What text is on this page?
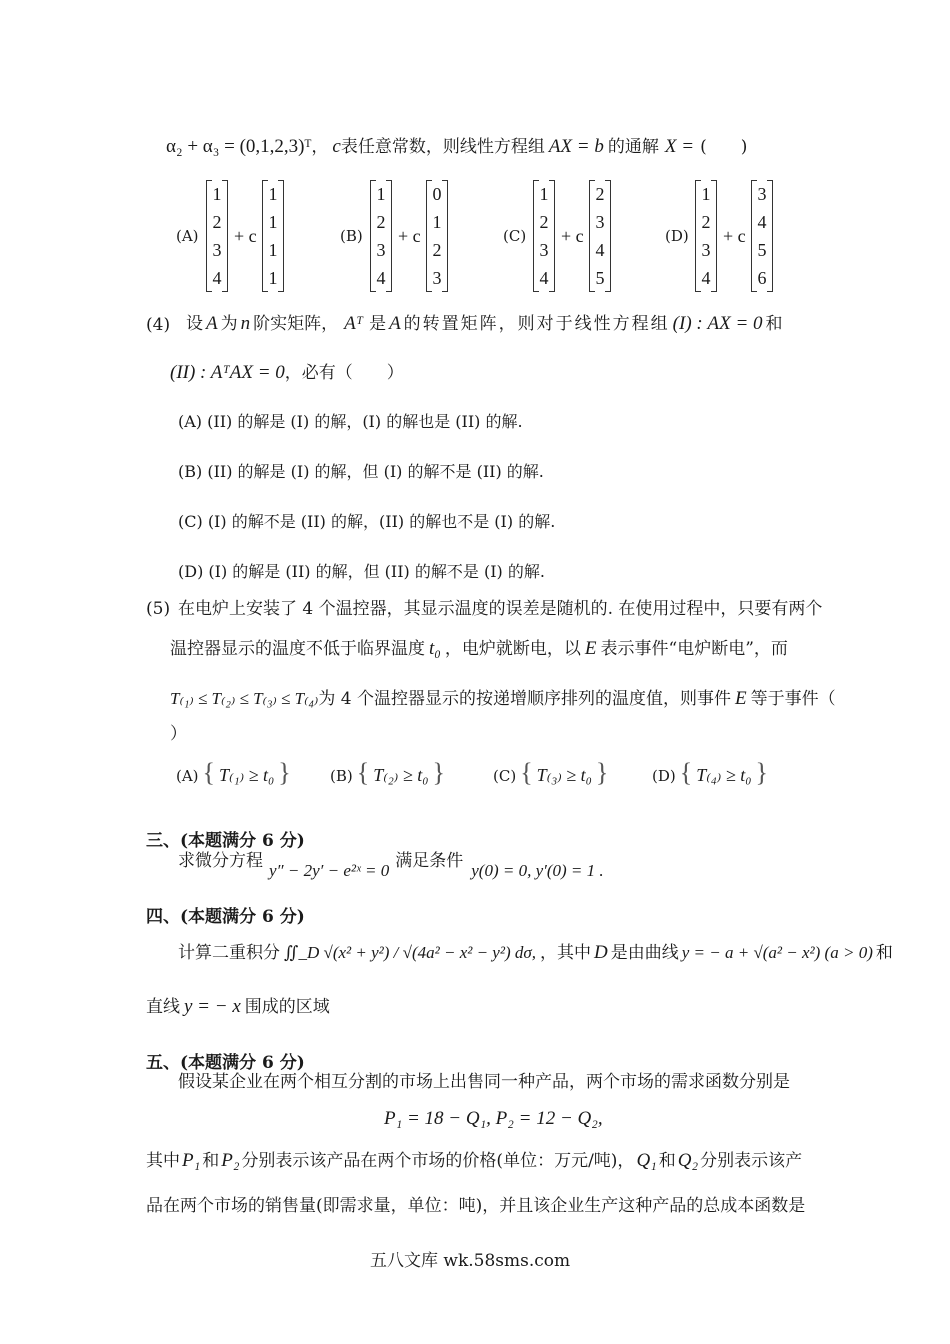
α₂ + α₃ = (0,1,2,3)ᵀ， c表任意常数，则线性方程组 AX = b 的通解 X = (　　)
(A)
1
2
3
4
+ c
1
1
1
1
(B)
1
2
3
4
+ c
0
1
2
3
(C)
1
2
3
4
+ c
2
3
4
5
(D)
1
2
3
4
+ c
3
4
5
6
(4) 设 A 为 n 阶实矩阵， Aᵀ 是 A 的转置矩阵，则对于线性方程组 (I) : AX = 0 和
(II) : AᵀAX = 0，必有（　　）
(A) (II) 的解是 (I) 的解，(I) 的解也是 (II) 的解.
(B) (II) 的解是 (I) 的解，但 (I) 的解不是 (II) 的解.
(C) (I) 的解不是 (II) 的解，(II) 的解也不是 (I) 的解.
(D) (I) 的解是 (II) 的解，但 (II) 的解不是 (I) 的解.
(5) 在电炉上安装了 4 个温控器，其显示温度的误差是随机的. 在使用过程中，只要有两个
温控器显示的温度不低于临界温度 t₀ ，电炉就断电，以 E 表示事件“电炉断电”，而
T₍₁₎ ≤ T₍₂₎ ≤ T₍₃₎ ≤ T₍₄₎为 4 个温控器显示的按递增顺序排列的温度值，则事件 E 等于事件（
）
(A) { T₍₁₎ ≥ t₀ }	(B) { T₍₂₎ ≥ t₀ }	(C) { T₍₃₎ ≥ t₀ }	(D) { T₍₄₎ ≥ t₀ }
三、(本题满分 6 分)
求微分方程 y″ − 2y′ − e²ˣ = 0 满足条件 y(0) = 0, y′(0) = 1 .
四、(本题满分 6 分)
计算二重积分 ∬_D √(x² + y²) / √(4a² − x² − y²) dσ, ，其中 D 是由曲线 y = − a + √(a² − x²) (a > 0) 和
直线 y = − x 围成的区域
五、(本题满分 6 分)
假设某企业在两个相互分割的市场上出售同一种产品，两个市场的需求函数分别是
P₁ = 18 − Q₁, P₂ = 12 − Q₂,
其中 P₁ 和 P₂ 分别表示该产品在两个市场的价格(单位：万元/吨)， Q₁ 和 Q₂ 分别表示该产
品在两个市场的销售量(即需求量，单位：吨)，并且该企业生产这种产品的总成本函数是
五八文库 wk.58sms.com
